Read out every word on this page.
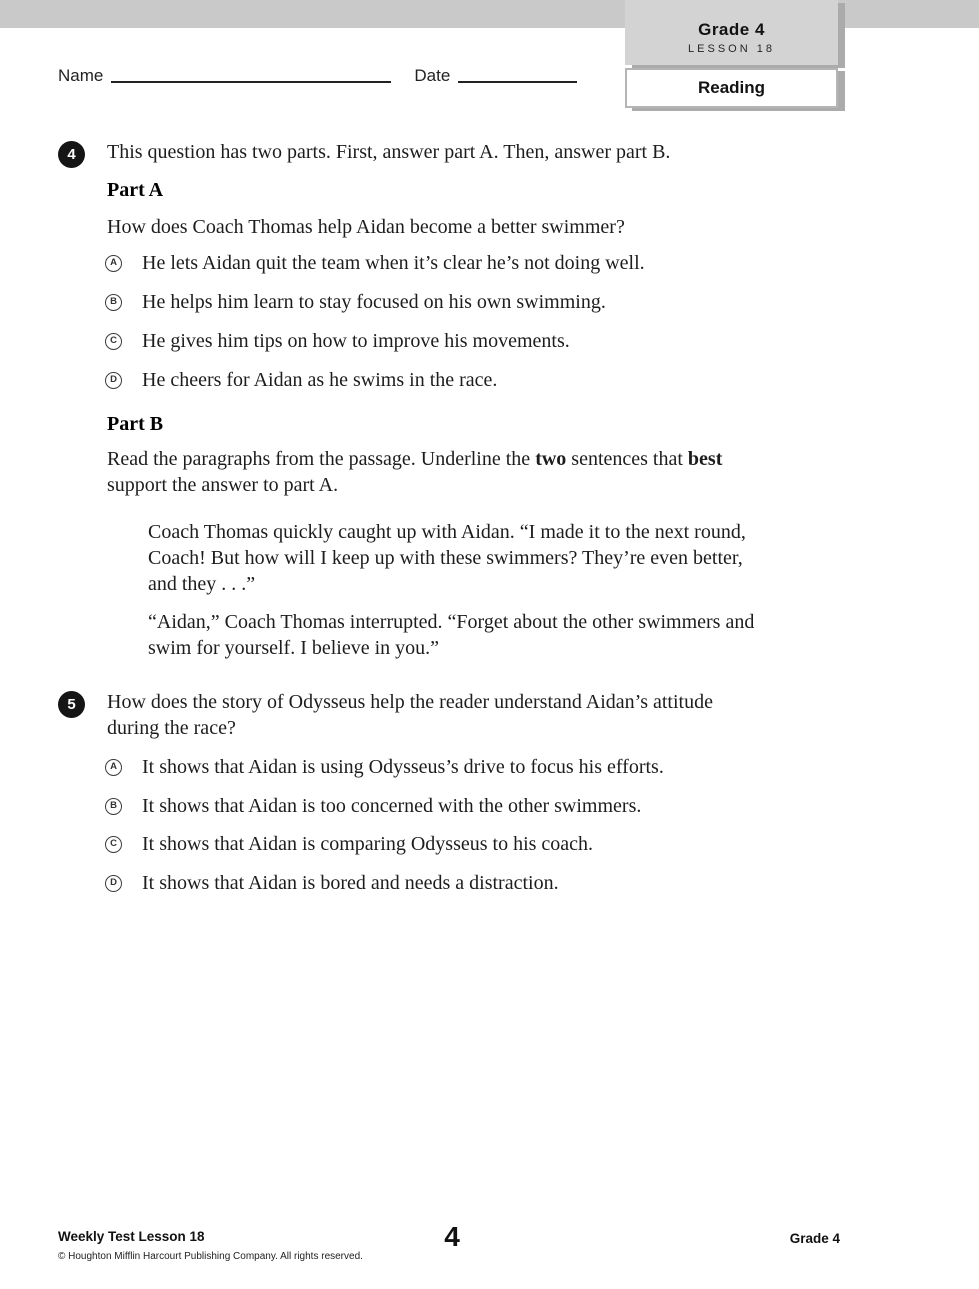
Grade 4
LESSON 18
Reading
Name	Date
4	This question has two parts. First, answer part A. Then, answer part B.
Part A
How does Coach Thomas help Aidan become a better swimmer?
A He lets Aidan quit the team when it’s clear he’s not doing well.
B He helps him learn to stay focused on his own swimming.
C He gives him tips on how to improve his movements.
D He cheers for Aidan as he swims in the race.
Part B
Read the paragraphs from the passage. Underline the two sentences that best support the answer to part A.
Coach Thomas quickly caught up with Aidan. “I made it to the next round, Coach! But how will I keep up with these swimmers? They’re even better, and they . . .”
“Aidan,” Coach Thomas interrupted. “Forget about the other swimmers and swim for yourself. I believe in you.”
5	How does the story of Odysseus help the reader understand Aidan’s attitude during the race?
A It shows that Aidan is using Odysseus’s drive to focus his efforts.
B It shows that Aidan is too concerned with the other swimmers.
C It shows that Aidan is comparing Odysseus to his coach.
D It shows that Aidan is bored and needs a distraction.
Weekly Test Lesson 18
© Houghton Mifflin Harcourt Publishing Company. All rights reserved.
4	Grade 4
